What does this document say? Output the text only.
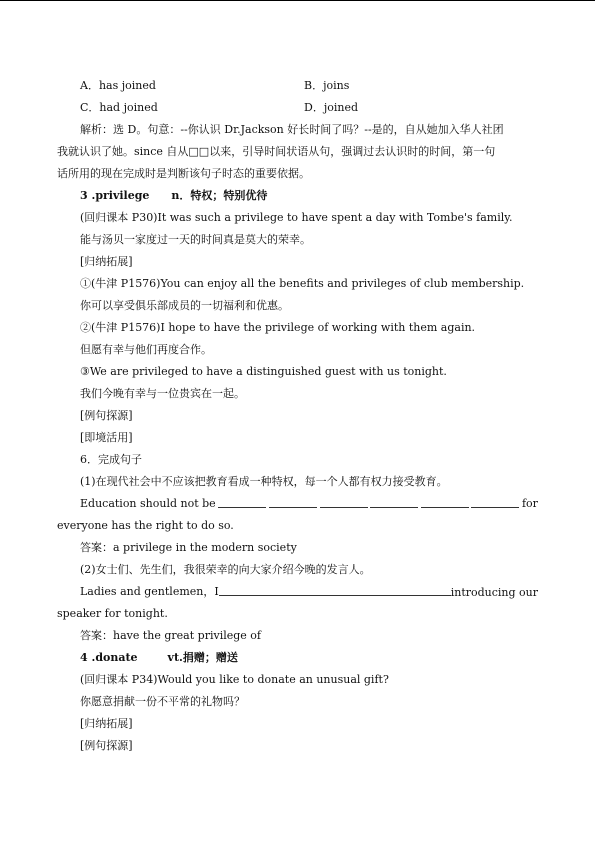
A．has joined	B．joins
C．had joined	D．joined
解析：选 D。句意：--你认识 Dr.Jackson 好长时间了吗？--是的，自从她加入华人社团
我就认识了她。since 自从□□以来，引导时间状语从句，强调过去认识时的时间，第一句
话所用的现在完成时是判断该句子时态的重要依据。
3 .privilege n．特权；特别优待
(回归课本 P30)It was such a privilege to have spent a day with Tombe's family.
能与汤贝一家度过一天的时间真是莫大的荣幸。
[归纳拓展]
①(牛津 P1576)You can enjoy all the benefits and privileges of club membership.
你可以享受俱乐部成员的一切福利和优惠。
②(牛津 P1576)I hope to have the privilege of working with them again.
但愿有幸与他们再度合作。
③We are privileged to have a distinguished guest with us tonight.
我们今晚有幸与一位贵宾在一起。
[例句探源]
[即境活用]
6．完成句子
(1)在现代社会中不应该把教育看成一种特权，每一个人都有权力接受教育。
Education should not be	for
everyone has the right to do so.
答案：a privilege in the modern society
(2)女士们、先生们，我很荣幸的向大家介绍今晚的发言人。
Ladies and gentlemen，I	introducing our
speaker for tonight.
答案：have the great privilege of
4 .donate	vt.捐赠；赠送
(回归课本 P34)Would you like to donate an unusual gift?
你愿意捐献一份不平常的礼物吗？
[归纳拓展]
[例句探源]
